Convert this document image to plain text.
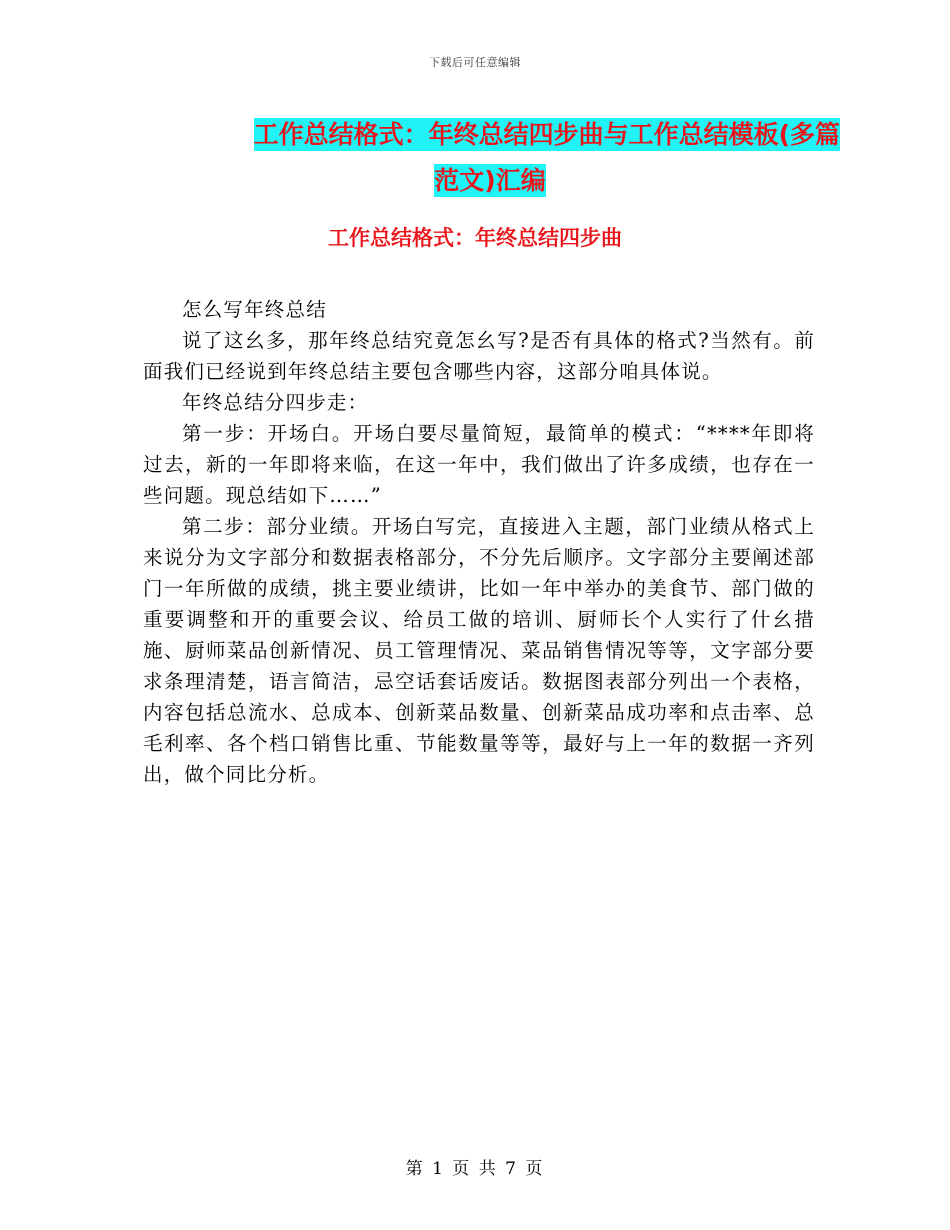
下载后可任意编辑
工作总结格式：年终总结四步曲与工作总结模板(多篇
范文)汇编
工作总结格式：年终总结四步曲

怎么写年终总结

说了这幺多，那年终总结究竟怎幺写?是否有具体的格式?当然有。前面我们已经说到年终总结主要包含哪些内容，这部分咱具体说。

年终总结分四步走：

第一步：开场白。开场白要尽量简短，最简单的模式：“****年即将过去，新的一年即将来临，在这一年中，我们做出了许多成绩，也存在一些问题。现总结如下……”

第二步：部分业绩。开场白写完，直接进入主题，部门业绩从格式上来说分为文字部分和数据表格部分，不分先后顺序。文字部分主要阐述部门一年所做的成绩，挑主要业绩讲，比如一年中举办的美食节、部门做的重要调整和开的重要会议、给员工做的培训、厨师长个人实行了什幺措施、厨师菜品创新情况、员工管理情况、菜品销售情况等等，文字部分要求条理清楚，语言简洁，忌空话套话废话。数据图表部分列出一个表格，内容包括总流水、总成本、创新菜品数量、创新菜品成功率和点击率、总毛利率、各个档口销售比重、节能数量等等，最好与上一年的数据一齐列出，做个同比分析。

第 1 页 共 7 页
